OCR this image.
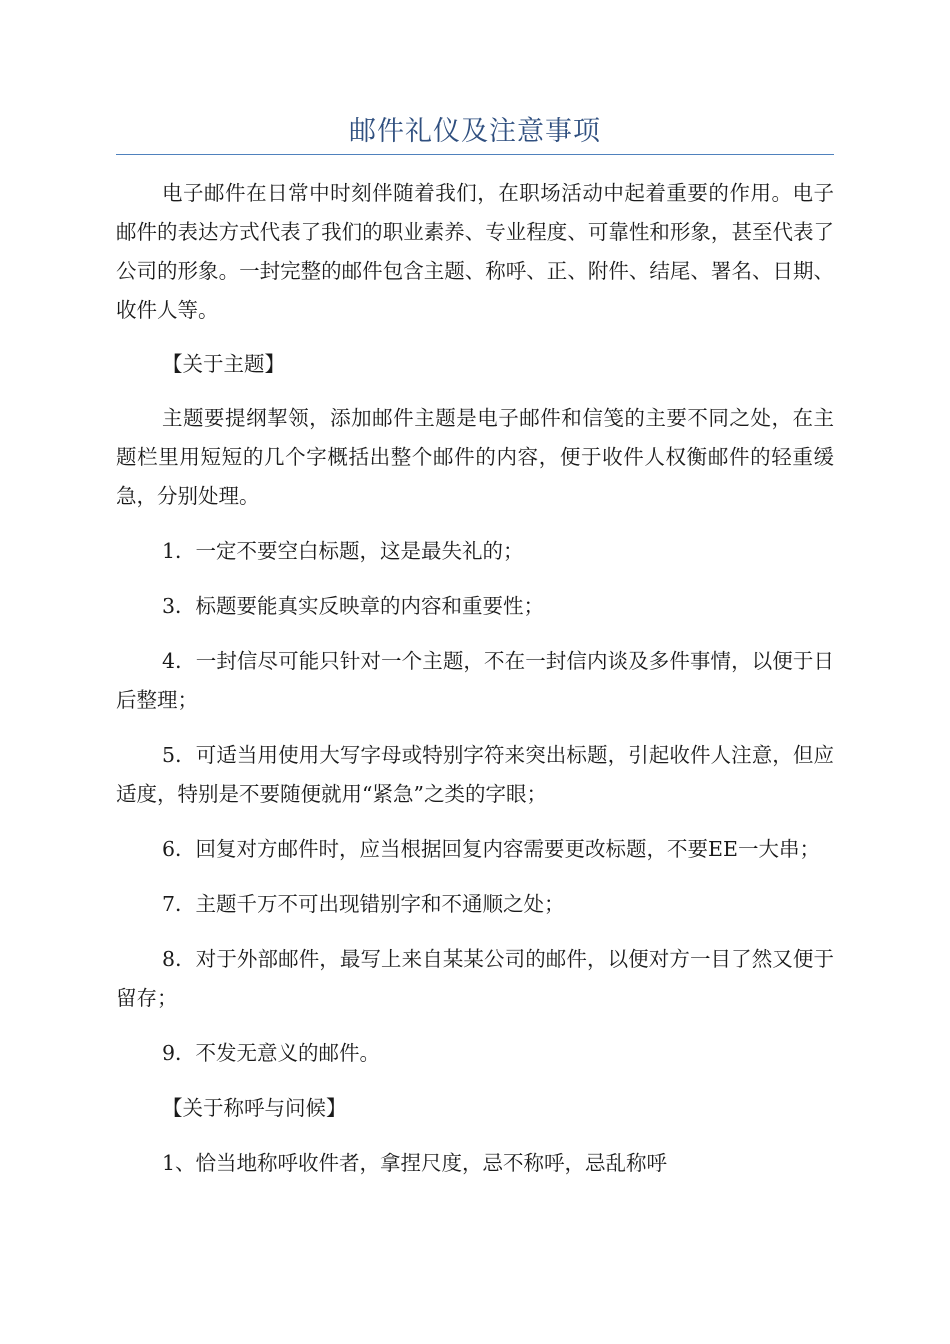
邮件礼仪及注意事项

电子邮件在日常中时刻伴随着我们，在职场活动中起着重要的作用。电子邮件的表达方式代表了我们的职业素养、专业程度、可靠性和形象，甚至代表了公司的形象。一封完整的邮件包含主题、称呼、正、附件、结尾、署名、日期、收件人等。

【关于主题】

主题要提纲挈领，添加邮件主题是电子邮件和信笺的主要不同之处，在主题栏里用短短的几个字概括出整个邮件的内容，便于收件人权衡邮件的轻重缓急，分别处理。

1．一定不要空白标题，这是最失礼的；

3．标题要能真实反映章的内容和重要性；

4．一封信尽可能只针对一个主题，不在一封信内谈及多件事情，以便于日后整理；

5．可适当用使用大写字母或特别字符来突出标题，引起收件人注意，但应适度，特别是不要随便就用“紧急”之类的字眼；

6．回复对方邮件时，应当根据回复内容需要更改标题，不要EE一大串；

7．主题千万不可出现错别字和不通顺之处；

8．对于外部邮件，最写上来自某某公司的邮件，以便对方一目了然又便于留存；

9．不发无意义的邮件。

【关于称呼与问候】

1、恰当地称呼收件者，拿捏尺度，忌不称呼，忌乱称呼
